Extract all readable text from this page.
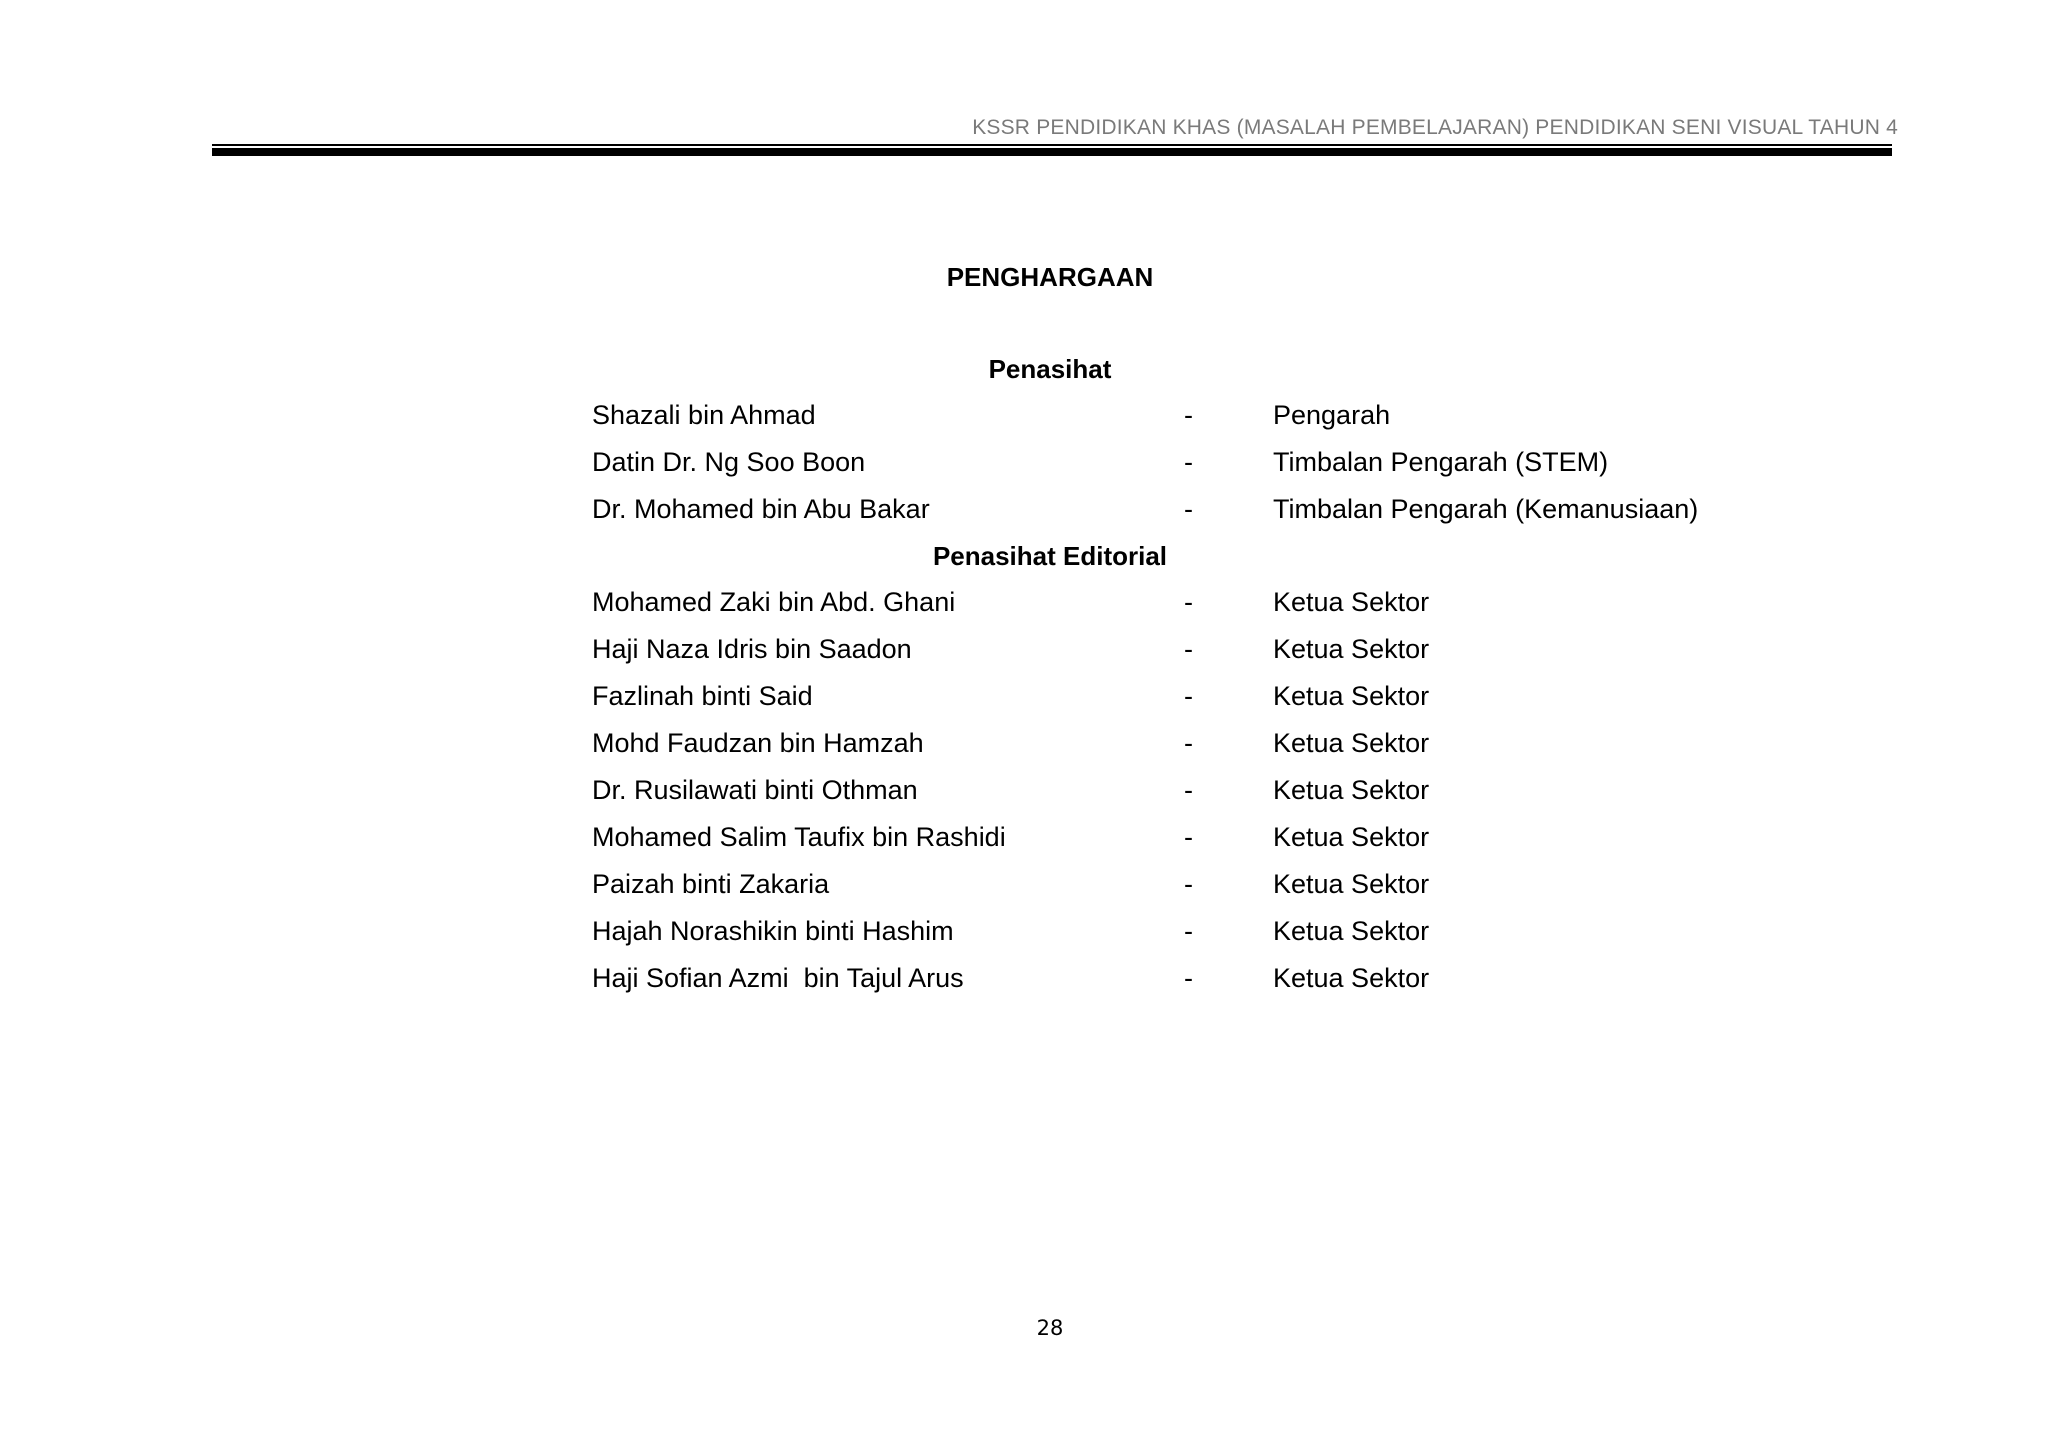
KSSR PENDIDIKAN KHAS (MASALAH PEMBELAJARAN) PENDIDIKAN SENI VISUAL TAHUN 4
PENGHARGAAN
Penasihat
Shazali bin Ahmad	-	Pengarah
Datin Dr. Ng Soo Boon	-	Timbalan Pengarah (STEM)
Dr. Mohamed bin Abu Bakar	-	Timbalan Pengarah (Kemanusiaan)
Penasihat Editorial
Mohamed Zaki bin Abd. Ghani	-	Ketua Sektor
Haji Naza Idris bin Saadon	-	Ketua Sektor
Fazlinah binti Said	-	Ketua Sektor
Mohd Faudzan bin Hamzah	-	Ketua Sektor
Dr. Rusilawati binti Othman	-	Ketua Sektor
Mohamed Salim Taufix bin Rashidi	-	Ketua Sektor
Paizah binti Zakaria	-	Ketua Sektor
Hajah Norashikin binti Hashim	-	Ketua Sektor
Haji Sofian Azmi  bin Tajul Arus	-	Ketua Sektor
28
